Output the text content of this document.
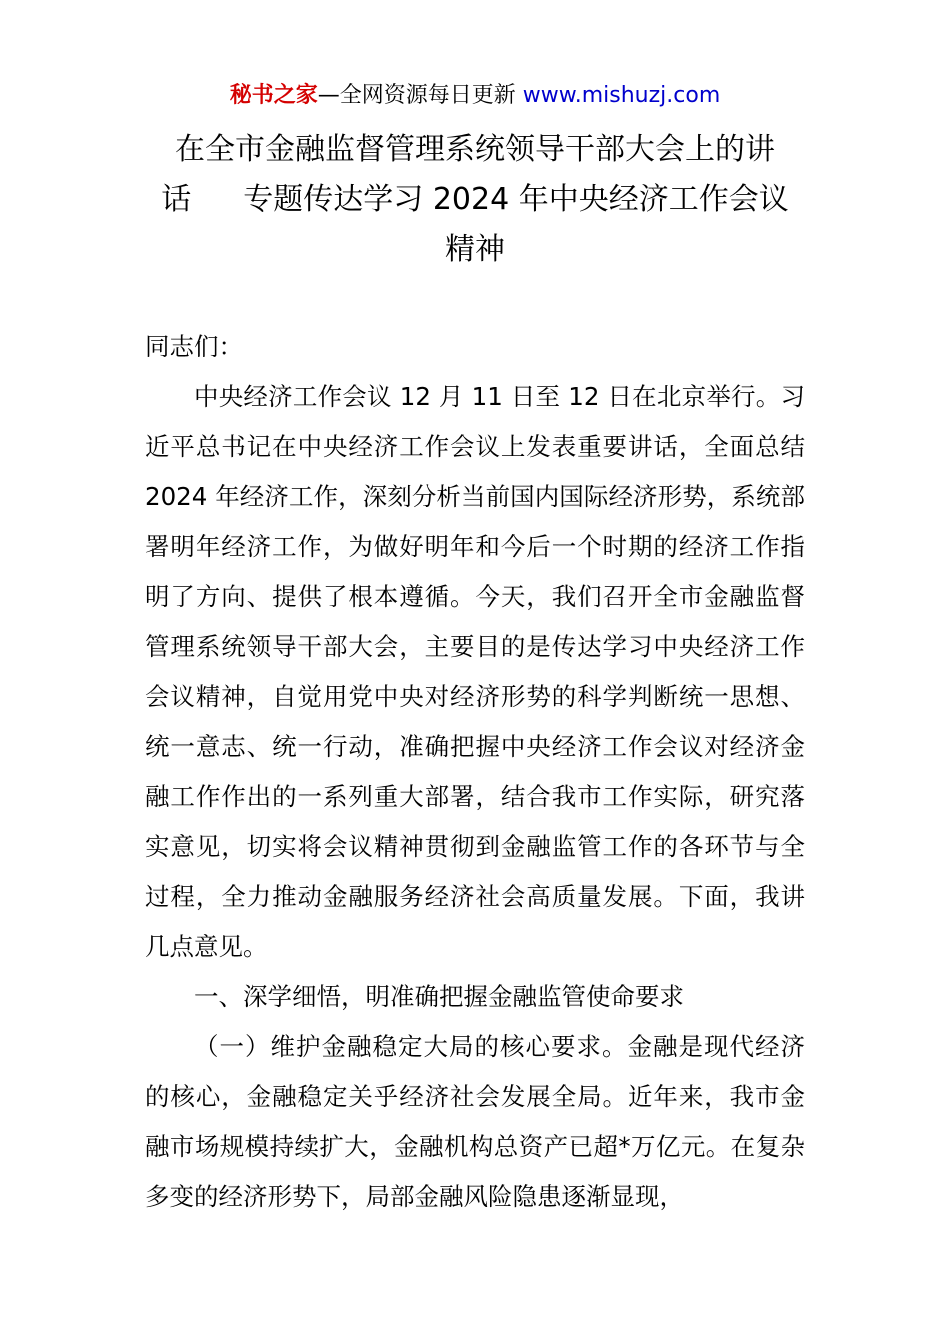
秘书之家—全网资源每日更新 www.mishuzj.com
在全市金融监督管理系统领导干部大会上的讲
话 专题传达学习 2024 年中央经济工作会议
精神

同志们：

中央经济工作会议 12 月 11 日至 12 日在北京举行。习近平总书记在中央经济工作会议上发表重要讲话，全面总结 2024 年经济工作，深刻分析当前国内国际经济形势，系统部署明年经济工作，为做好明年和今后一个时期的经济工作指明了方向、提供了根本遵循。今天，我们召开全市金融监督管理系统领导干部大会，主要目的是传达学习中央经济工作会议精神，自觉用党中央对经济形势的科学判断统一思想、统一意志、统一行动，准确把握中央经济工作会议对经济金融工作作出的一系列重大部署，结合我市工作实际，研究落实意见，切实将会议精神贯彻到金融监管工作的各环节与全过程，全力推动金融服务经济社会高质量发展。下面，我讲几点意见。

一、深学细悟，明准确把握金融监管使命要求

（一）维护金融稳定大局的核心要求。金融是现代经济的核心，金融稳定关乎经济社会发展全局。近年来，我市金融市场规模持续扩大，金融机构总资产已超*万亿元。在复杂多变的经济形势下，局部金融风险隐患逐渐显现，
